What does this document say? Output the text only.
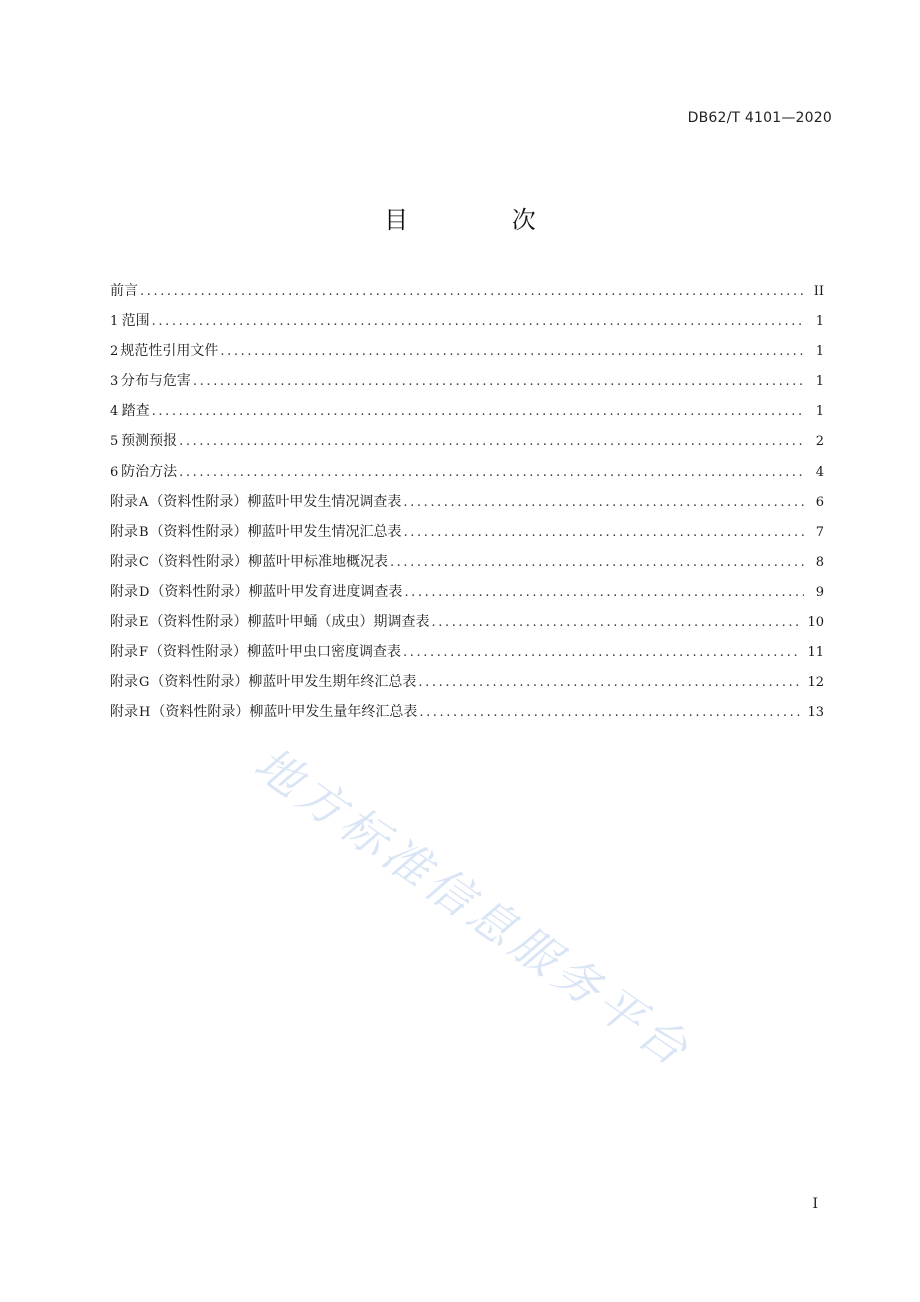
DB62/T 4101—2020
目 次
前言 .....	II
1 范围 .....	1
2 规范性引用文件 .....	1
3 分布与危害 .....	1
4 踏查 .....	1
5 预测预报 .....	2
6 防治方法 .....	4
附录A（资料性附录） 柳蓝叶甲发生情况调查表 .....	6
附录B（资料性附录） 柳蓝叶甲发生情况汇总表 .....	7
附录C（资料性附录） 柳蓝叶甲标准地概况表 .....	8
附录D（资料性附录） 柳蓝叶甲发育进度调查表 .....	9
附录E（资料性附录） 柳蓝叶甲蛹（成虫）期调查表 .....	10
附录F（资料性附录） 柳蓝叶甲虫口密度调查表 .....	11
附录G（资料性附录） 柳蓝叶甲发生期年终汇总表 .....	12
附录H（资料性附录） 柳蓝叶甲发生量年终汇总表 .....	13
地方标准信息服务平台
I
